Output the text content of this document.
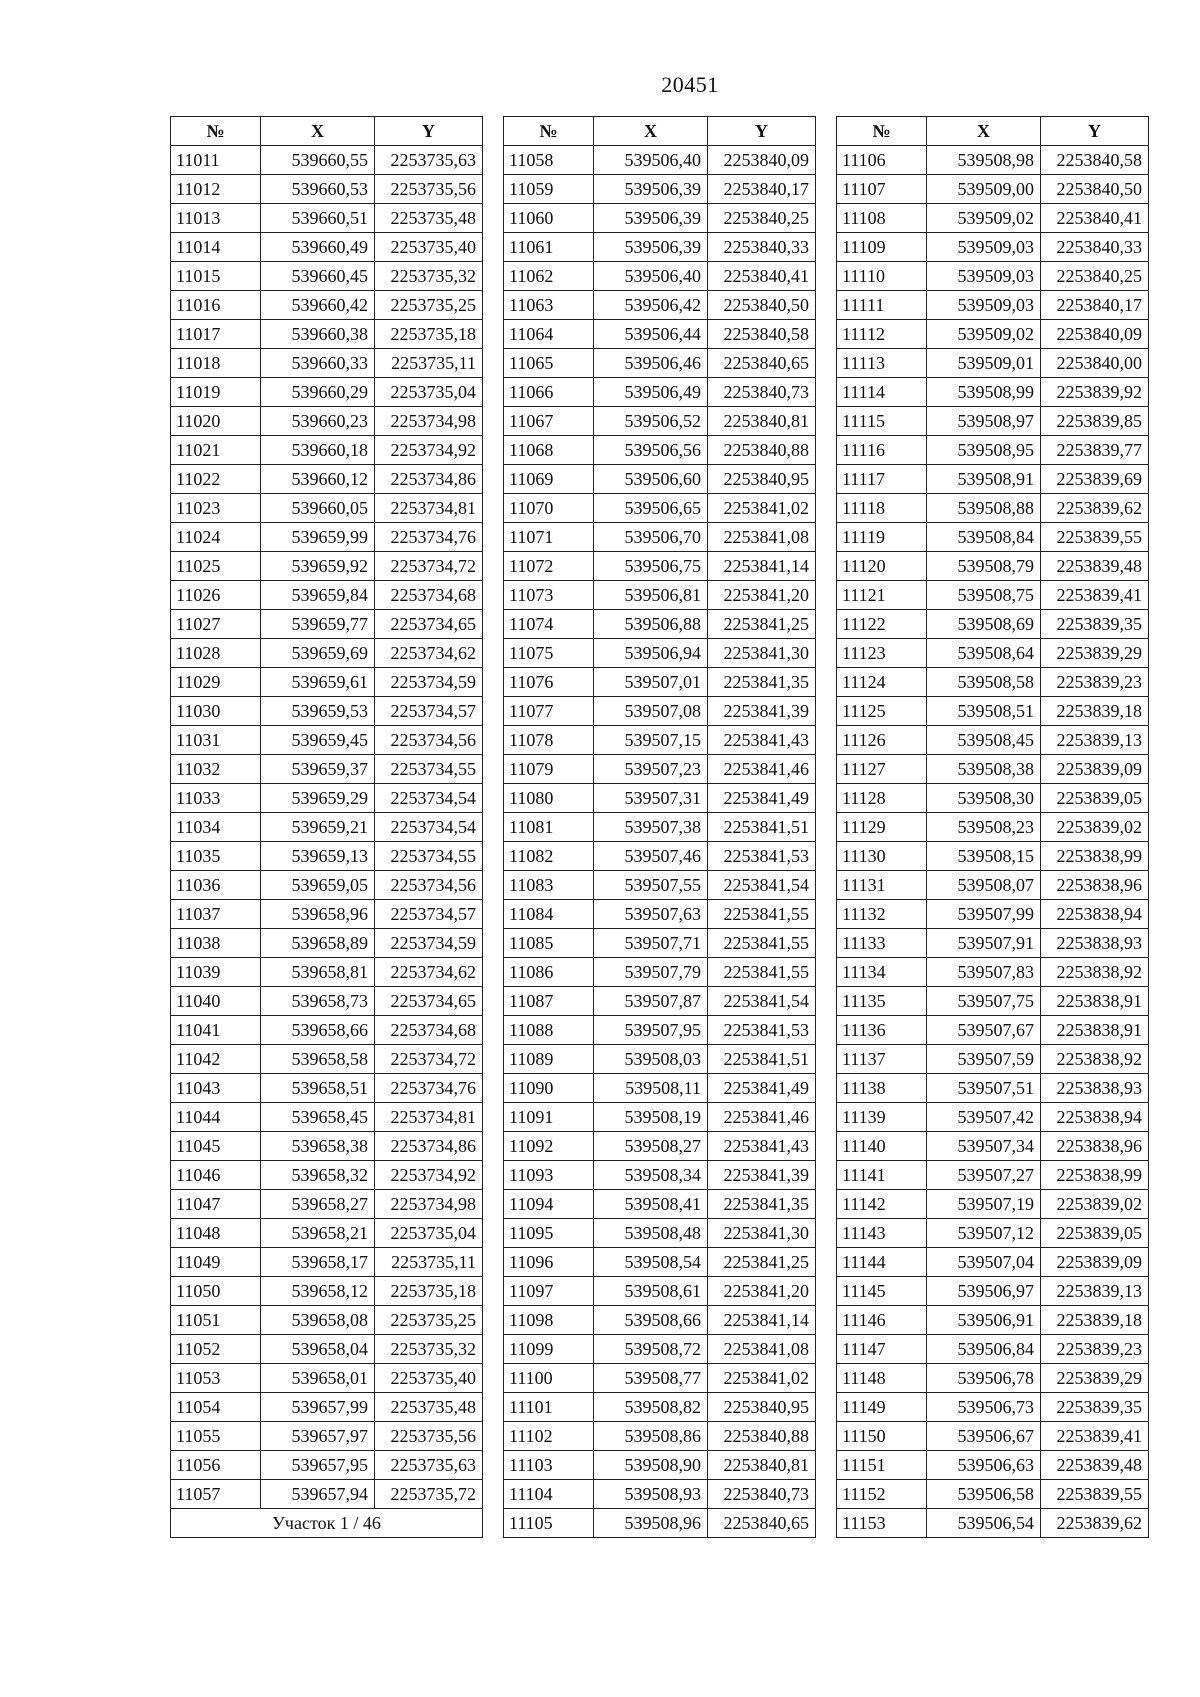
20451
№	X	Y
11011	539660,55	2253735,63
11012	539660,53	2253735,56
11013	539660,51	2253735,48
11014	539660,49	2253735,40
11015	539660,45	2253735,32
11016	539660,42	2253735,25
11017	539660,38	2253735,18
11018	539660,33	2253735,11
11019	539660,29	2253735,04
11020	539660,23	2253734,98
11021	539660,18	2253734,92
11022	539660,12	2253734,86
11023	539660,05	2253734,81
11024	539659,99	2253734,76
11025	539659,92	2253734,72
11026	539659,84	2253734,68
11027	539659,77	2253734,65
11028	539659,69	2253734,62
11029	539659,61	2253734,59
11030	539659,53	2253734,57
11031	539659,45	2253734,56
11032	539659,37	2253734,55
11033	539659,29	2253734,54
11034	539659,21	2253734,54
11035	539659,13	2253734,55
11036	539659,05	2253734,56
11037	539658,96	2253734,57
11038	539658,89	2253734,59
11039	539658,81	2253734,62
11040	539658,73	2253734,65
11041	539658,66	2253734,68
11042	539658,58	2253734,72
11043	539658,51	2253734,76
11044	539658,45	2253734,81
11045	539658,38	2253734,86
11046	539658,32	2253734,92
11047	539658,27	2253734,98
11048	539658,21	2253735,04
11049	539658,17	2253735,11
11050	539658,12	2253735,18
11051	539658,08	2253735,25
11052	539658,04	2253735,32
11053	539658,01	2253735,40
11054	539657,99	2253735,48
11055	539657,97	2253735,56
11056	539657,95	2253735,63
11057	539657,94	2253735,72
Участок 1 / 46		
№	X	Y
11058	539506,40	2253840,09
11059	539506,39	2253840,17
11060	539506,39	2253840,25
11061	539506,39	2253840,33
11062	539506,40	2253840,41
11063	539506,42	2253840,50
11064	539506,44	2253840,58
11065	539506,46	2253840,65
11066	539506,49	2253840,73
11067	539506,52	2253840,81
11068	539506,56	2253840,88
11069	539506,60	2253840,95
11070	539506,65	2253841,02
11071	539506,70	2253841,08
11072	539506,75	2253841,14
11073	539506,81	2253841,20
11074	539506,88	2253841,25
11075	539506,94	2253841,30
11076	539507,01	2253841,35
11077	539507,08	2253841,39
11078	539507,15	2253841,43
11079	539507,23	2253841,46
11080	539507,31	2253841,49
11081	539507,38	2253841,51
11082	539507,46	2253841,53
11083	539507,55	2253841,54
11084	539507,63	2253841,55
11085	539507,71	2253841,55
11086	539507,79	2253841,55
11087	539507,87	2253841,54
11088	539507,95	2253841,53
11089	539508,03	2253841,51
11090	539508,11	2253841,49
11091	539508,19	2253841,46
11092	539508,27	2253841,43
11093	539508,34	2253841,39
11094	539508,41	2253841,35
11095	539508,48	2253841,30
11096	539508,54	2253841,25
11097	539508,61	2253841,20
11098	539508,66	2253841,14
11099	539508,72	2253841,08
11100	539508,77	2253841,02
11101	539508,82	2253840,95
11102	539508,86	2253840,88
11103	539508,90	2253840,81
11104	539508,93	2253840,73
11105	539508,96	2253840,65
№	X	Y
11106	539508,98	2253840,58
11107	539509,00	2253840,50
11108	539509,02	2253840,41
11109	539509,03	2253840,33
11110	539509,03	2253840,25
11111	539509,03	2253840,17
11112	539509,02	2253840,09
11113	539509,01	2253840,00
11114	539508,99	2253839,92
11115	539508,97	2253839,85
11116	539508,95	2253839,77
11117	539508,91	2253839,69
11118	539508,88	2253839,62
11119	539508,84	2253839,55
11120	539508,79	2253839,48
11121	539508,75	2253839,41
11122	539508,69	2253839,35
11123	539508,64	2253839,29
11124	539508,58	2253839,23
11125	539508,51	2253839,18
11126	539508,45	2253839,13
11127	539508,38	2253839,09
11128	539508,30	2253839,05
11129	539508,23	2253839,02
11130	539508,15	2253838,99
11131	539508,07	2253838,96
11132	539507,99	2253838,94
11133	539507,91	2253838,93
11134	539507,83	2253838,92
11135	539507,75	2253838,91
11136	539507,67	2253838,91
11137	539507,59	2253838,92
11138	539507,51	2253838,93
11139	539507,42	2253838,94
11140	539507,34	2253838,96
11141	539507,27	2253838,99
11142	539507,19	2253839,02
11143	539507,12	2253839,05
11144	539507,04	2253839,09
11145	539506,97	2253839,13
11146	539506,91	2253839,18
11147	539506,84	2253839,23
11148	539506,78	2253839,29
11149	539506,73	2253839,35
11150	539506,67	2253839,41
11151	539506,63	2253839,48
11152	539506,58	2253839,55
11153	539506,54	2253839,62
